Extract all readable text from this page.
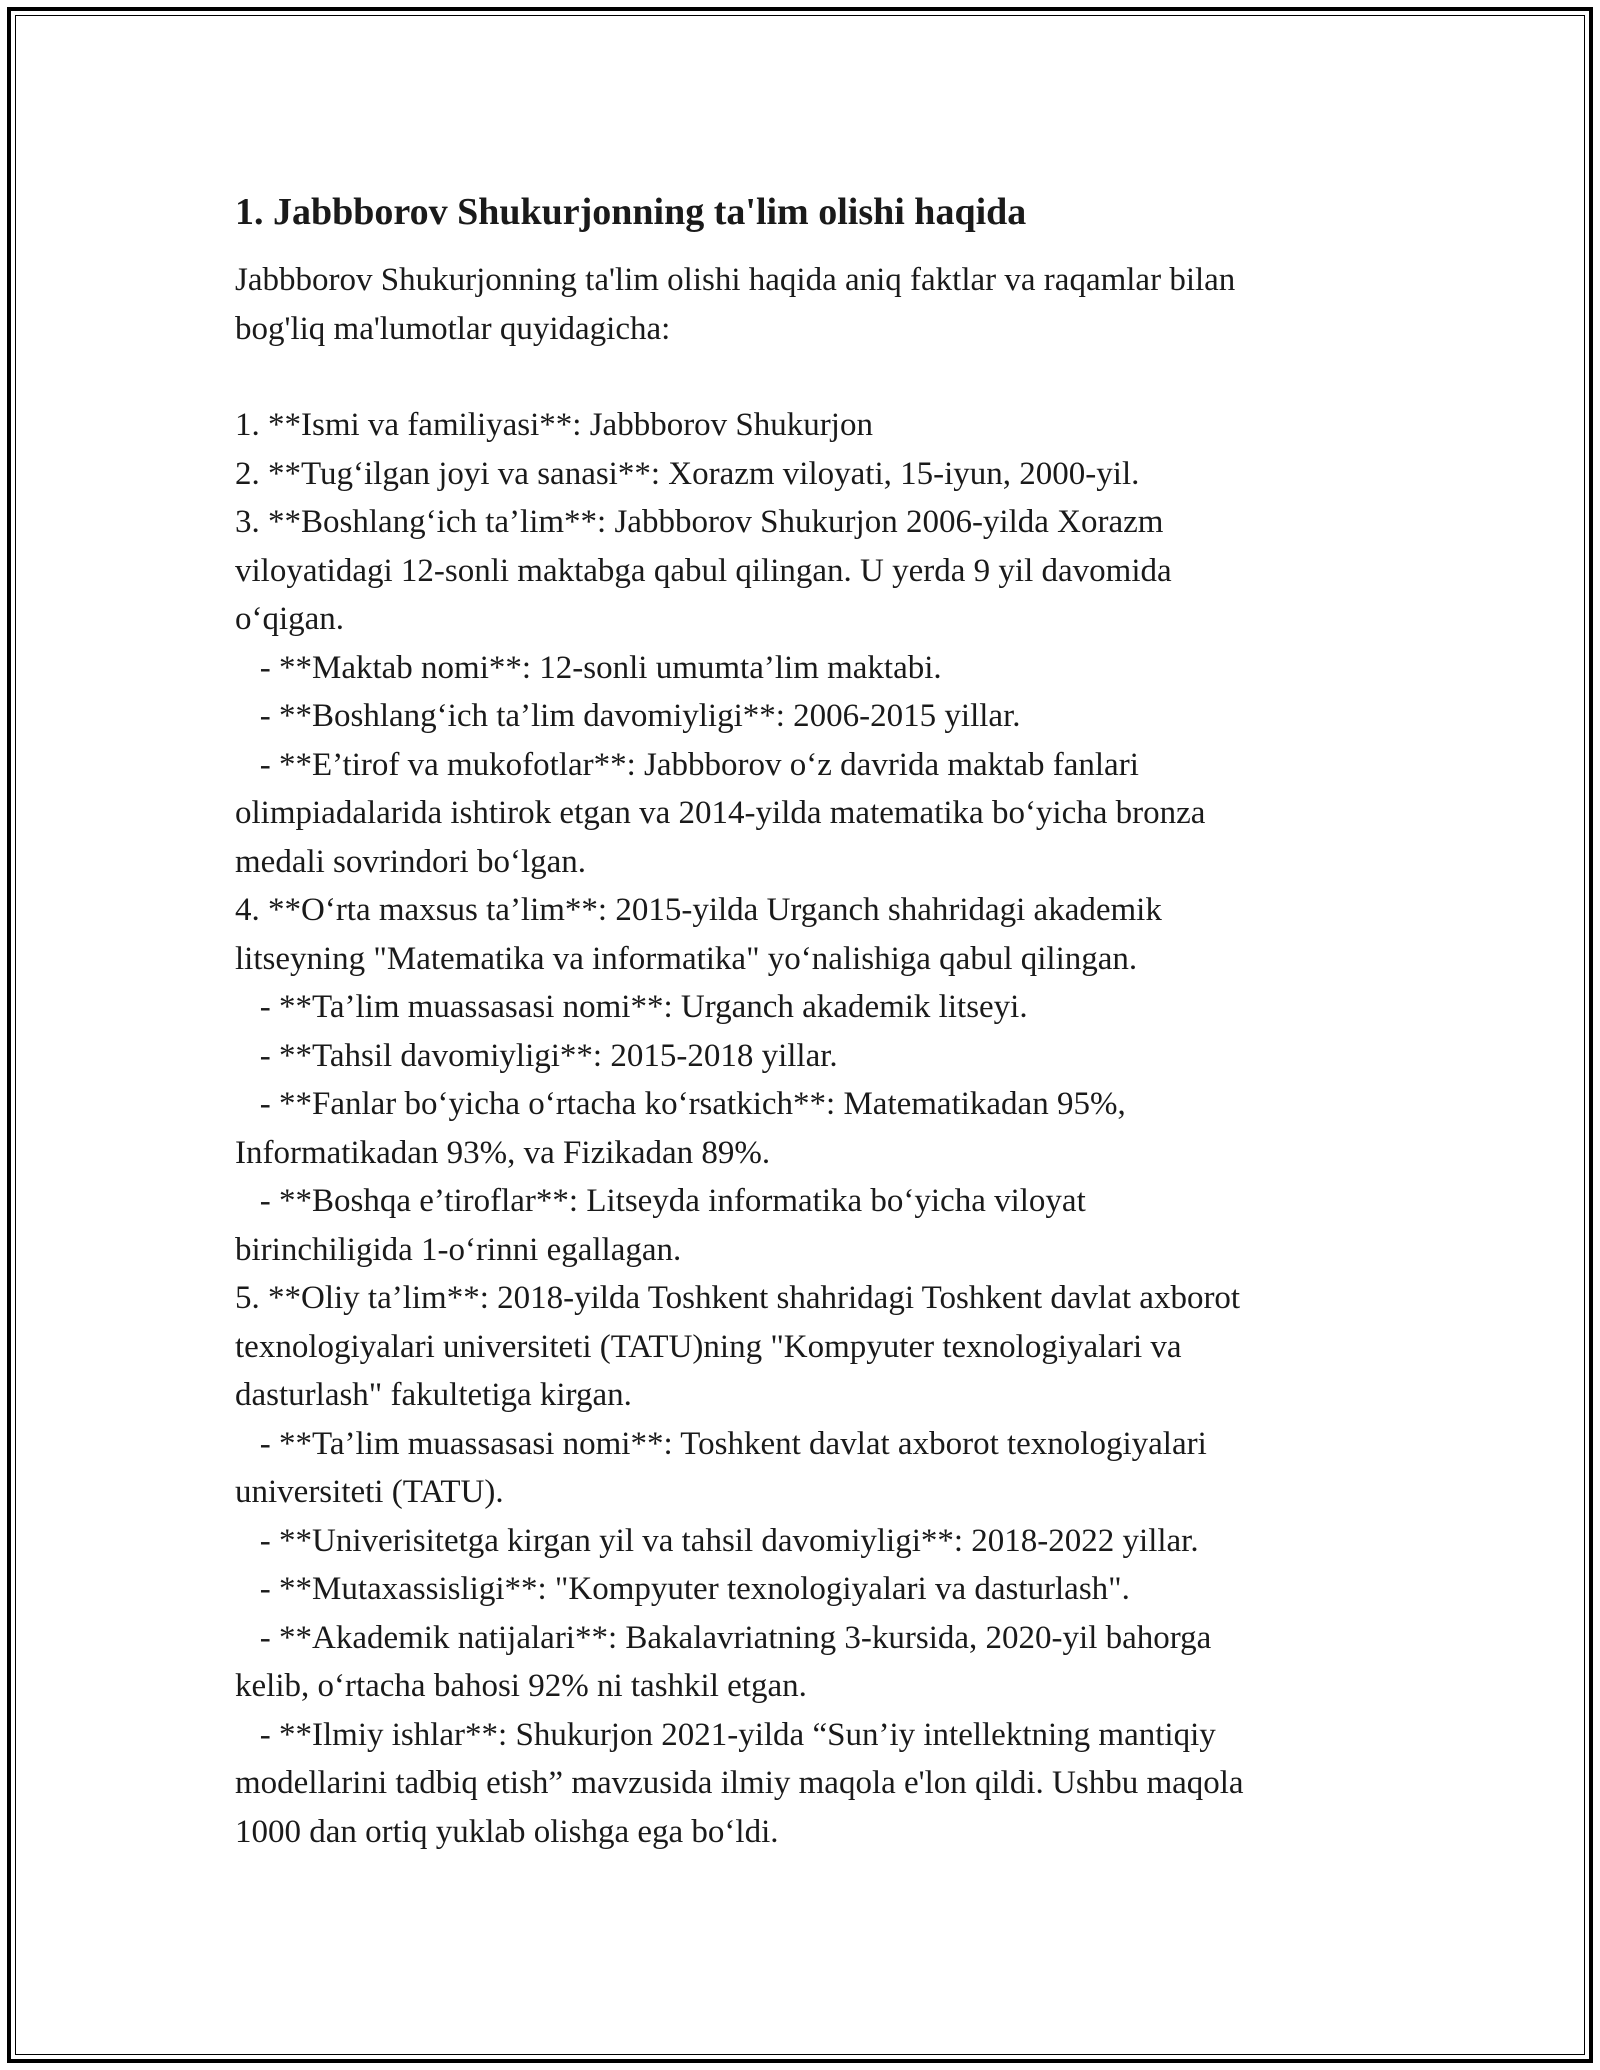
1. Jabbborov Shukurjonning ta'lim olishi haqida

Jabbborov Shukurjonning ta'lim olishi haqida aniq faktlar va raqamlar bilan
bog'liq ma'lumotlar quyidagicha:

1. **Ismi va familiyasi**: Jabbborov Shukurjon
2. **Tug‘ilgan joyi va sanasi**: Xorazm viloyati, 15-iyun, 2000-yil.
3. **Boshlang‘ich ta’lim**: Jabbborov Shukurjon 2006-yilda Xorazm
viloyatidagi 12-sonli maktabga qabul qilingan. U yerda 9 yil davomida
o‘qigan.
- **Maktab nomi**: 12-sonli umumta’lim maktabi.
- **Boshlang‘ich ta’lim davomiyligi**: 2006-2015 yillar.
- **E’tirof va mukofotlar**: Jabbborov o‘z davrida maktab fanlari
olimpiadalarida ishtirok etgan va 2014-yilda matematika bo‘yicha bronza
medali sovrindori bo‘lgan.
4. **O‘rta maxsus ta’lim**: 2015-yilda Urganch shahridagi akademik
litseyning "Matematika va informatika" yo‘nalishiga qabul qilingan.
- **Ta’lim muassasasi nomi**: Urganch akademik litseyi.
- **Tahsil davomiyligi**: 2015-2018 yillar.
- **Fanlar bo‘yicha o‘rtacha ko‘rsatkich**: Matematikadan 95%,
Informatikadan 93%, va Fizikadan 89%.
- **Boshqa e’tiroflar**: Litseyda informatika bo‘yicha viloyat
birinchiligida 1-o‘rinni egallagan.
5. **Oliy ta’lim**: 2018-yilda Toshkent shahridagi Toshkent davlat axborot
texnologiyalari universiteti (TATU)ning "Kompyuter texnologiyalari va
dasturlash" fakultetiga kirgan.
- **Ta’lim muassasasi nomi**: Toshkent davlat axborot texnologiyalari
universiteti (TATU).
- **Univerisitetga kirgan yil va tahsil davomiyligi**: 2018-2022 yillar.
- **Mutaxassisligi**: "Kompyuter texnologiyalari va dasturlash".
- **Akademik natijalari**: Bakalavriatning 3-kursida, 2020-yil bahorga
kelib, o‘rtacha bahosi 92% ni tashkil etgan.
- **Ilmiy ishlar**: Shukurjon 2021-yilda “Sun’iy intellektning mantiqiy
modellarini tadbiq etish” mavzusida ilmiy maqola e'lon qildi. Ushbu maqola
1000 dan ortiq yuklab olishga ega bo‘ldi.
